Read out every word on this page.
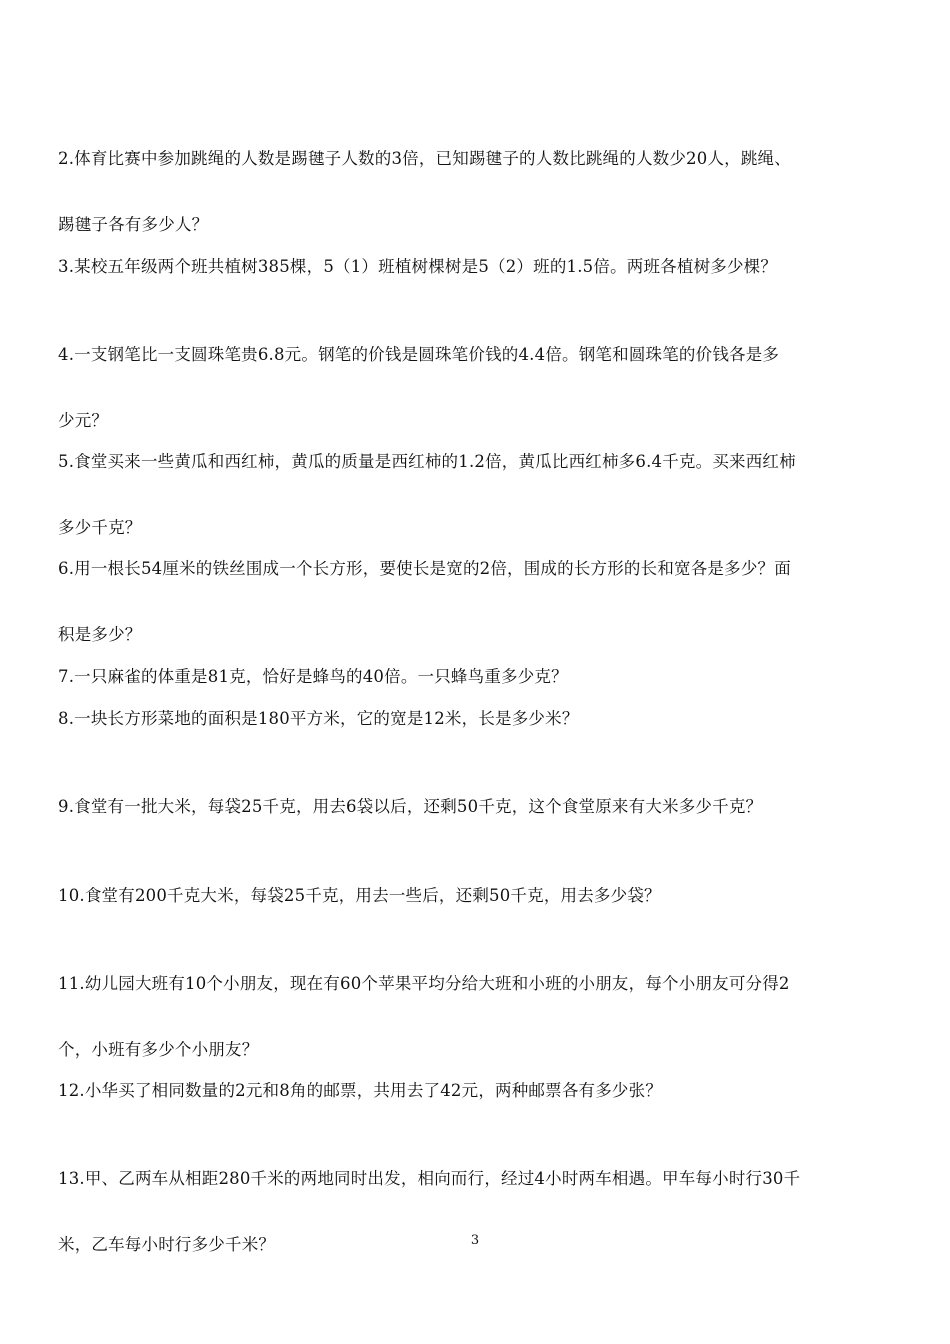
2.体育比赛中参加跳绳的人数是踢毽子人数的3倍，已知踢毽子的人数比跳绳的人数少20人，跳绳、

踢毽子各有多少人？

3.某校五年级两个班共植树385棵，5（1）班植树棵树是5（2）班的1.5倍。两班各植树多少棵？

4.一支钢笔比一支圆珠笔贵6.8元。钢笔的价钱是圆珠笔价钱的4.4倍。钢笔和圆珠笔的价钱各是多

少元？

5.食堂买来一些黄瓜和西红柿，黄瓜的质量是西红柿的1.2倍，黄瓜比西红柿多6.4千克。买来西红柿

多少千克？

6.用一根长54厘米的铁丝围成一个长方形，要使长是宽的2倍，围成的长方形的长和宽各是多少？面

积是多少？

7.一只麻雀的体重是81克，恰好是蜂鸟的40倍。一只蜂鸟重多少克？

8.一块长方形菜地的面积是180平方米，它的宽是12米，长是多少米？

9.食堂有一批大米，每袋25千克，用去6袋以后，还剩50千克，这个食堂原来有大米多少千克？

10.食堂有200千克大米，每袋25千克，用去一些后，还剩50千克，用去多少袋？

11.幼儿园大班有10个小朋友，现在有60个苹果平均分给大班和小班的小朋友，每个小朋友可分得2

个，小班有多少个小朋友？

12.小华买了相同数量的2元和8角的邮票，共用去了42元，两种邮票各有多少张？

13.甲、乙两车从相距280千米的两地同时出发，相向而行，经过4小时两车相遇。甲车每小时行30千

米，乙车每小时行多少千米？

	3
